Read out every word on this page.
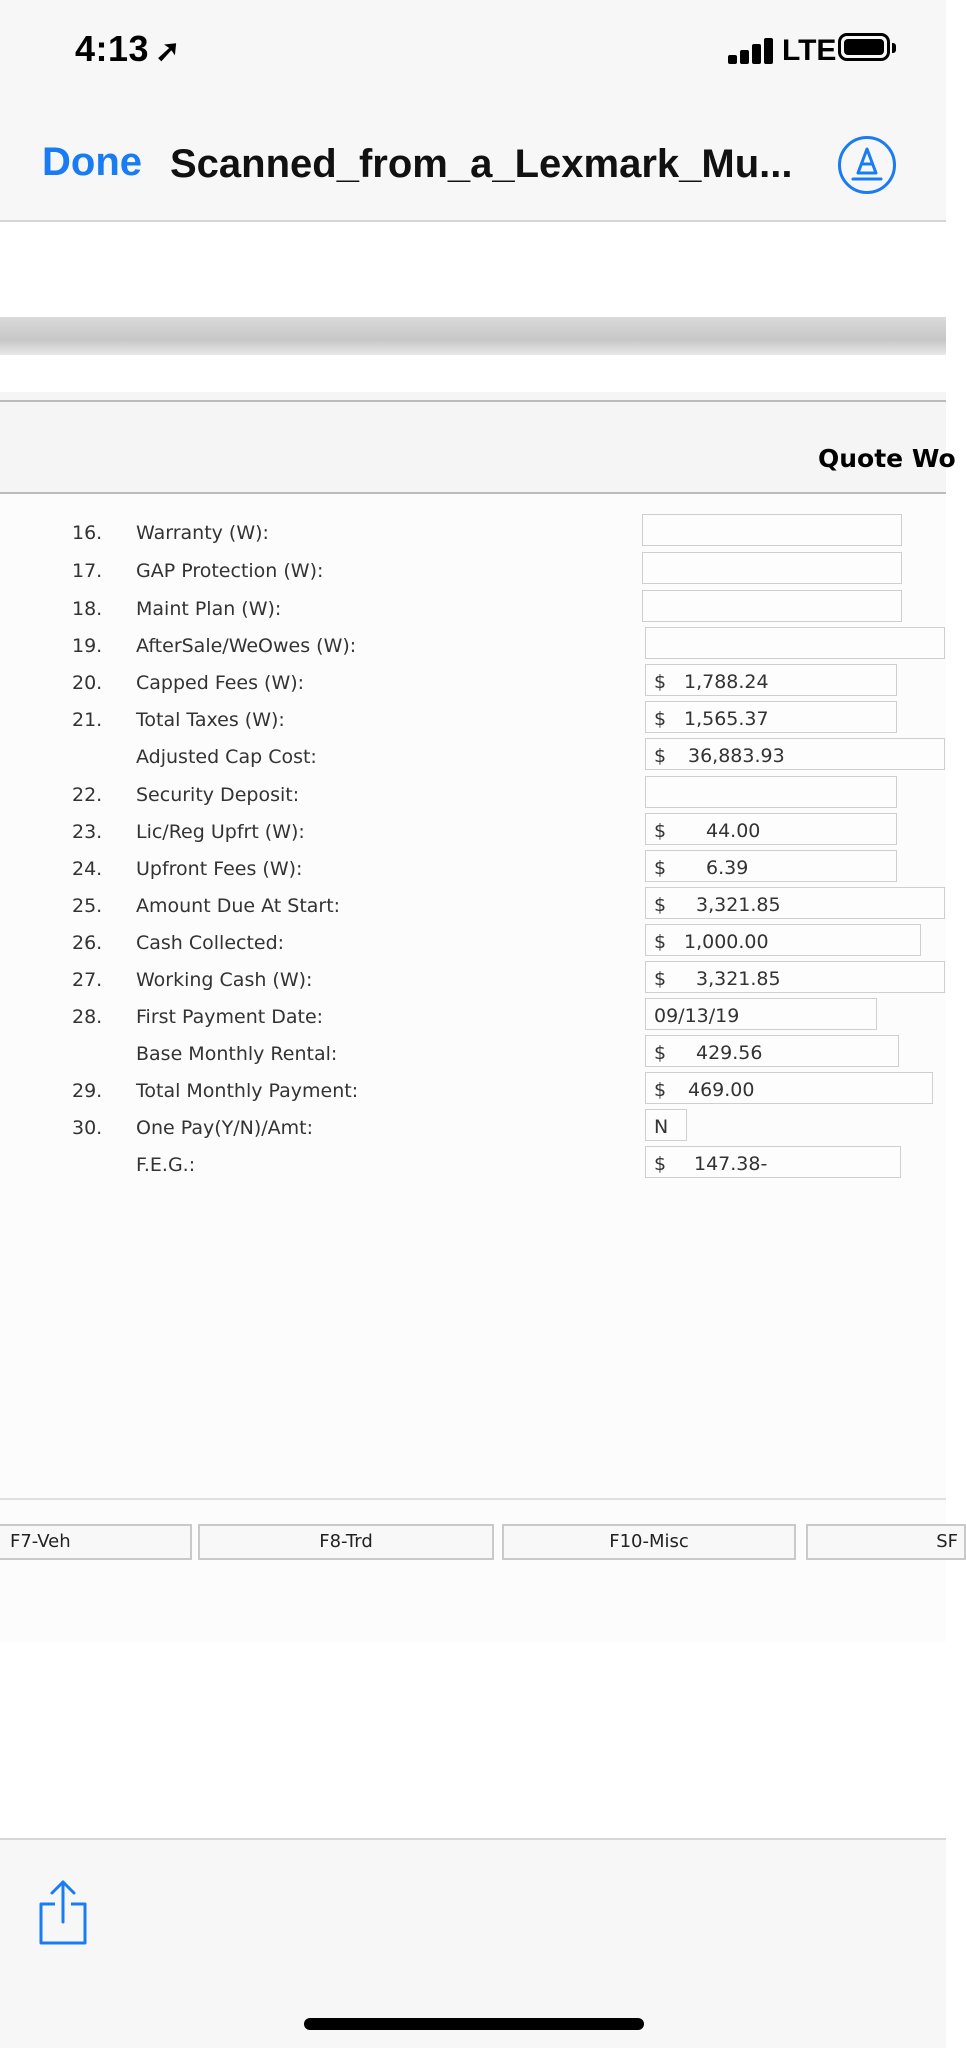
4:13 ➚	LTE
Done Scanned_from_a_Lexmark_Mu...
Quote Wo
16. Warranty (W):
17. GAP Protection (W):
18. Maint Plan (W):
19. AfterSale/WeOwes (W):
20. Capped Fees (W):	$ 1,788.24
21. Total Taxes (W):	$ 1,565.37
Adjusted Cap Cost:	$ 36,883.93
22. Security Deposit:
23. Lic/Reg Upfrt (W):	$ 44.00
24. Upfront Fees (W):	$ 6.39
25. Amount Due At Start:	$ 3,321.85
26. Cash Collected:	$ 1,000.00
27. Working Cash (W):	$ 3,321.85
28. First Payment Date:	09/13/19
Base Monthly Rental:	$ 429.56
29. Total Monthly Payment:	$ 469.00
30. One Pay(Y/N)/Amt:	N
F.E.G.:	$ 147.38-
F7-Veh	F8-Trd	F10-Misc	SF
